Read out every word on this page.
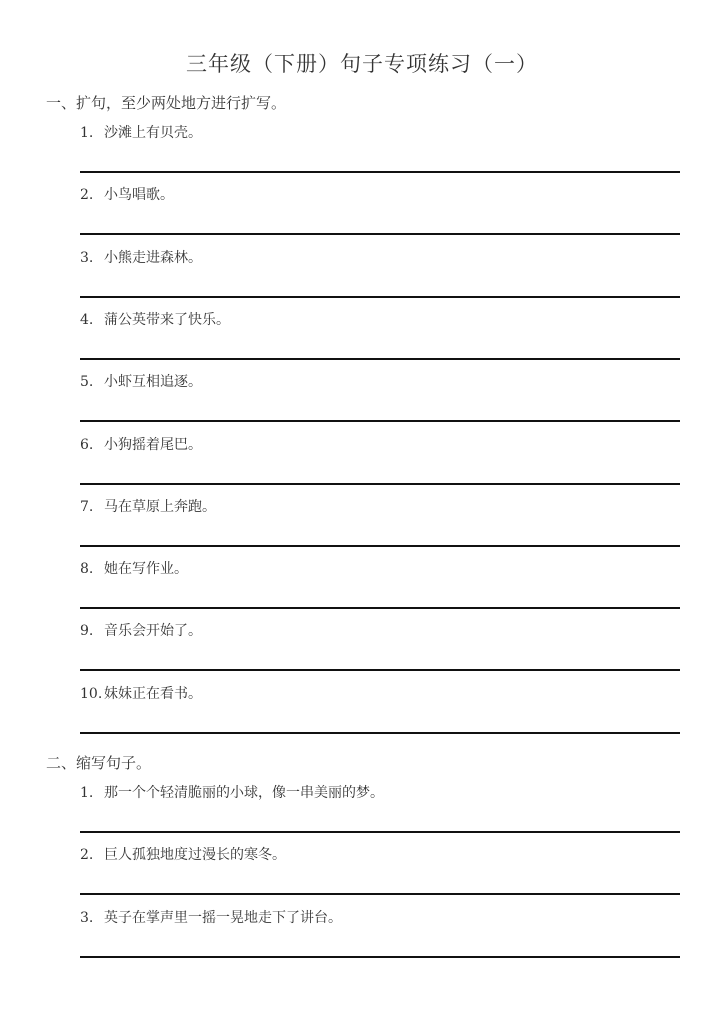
三年级（下册）句子专项练习（一）
一、扩句，至少两处地方进行扩写。
1. 沙滩上有贝壳。
2. 小鸟唱歌。
3. 小熊走进森林。
4. 蒲公英带来了快乐。
5. 小虾互相追逐。
6. 小狗摇着尾巴。
7. 马在草原上奔跑。
8. 她在写作业。
9. 音乐会开始了。
10. 妹妹正在看书。
二、缩写句子。
1. 那一个个轻清脆丽的小球，像一串美丽的梦。
2. 巨人孤独地度过漫长的寒冬。
3. 英子在掌声里一摇一晃地走下了讲台。
